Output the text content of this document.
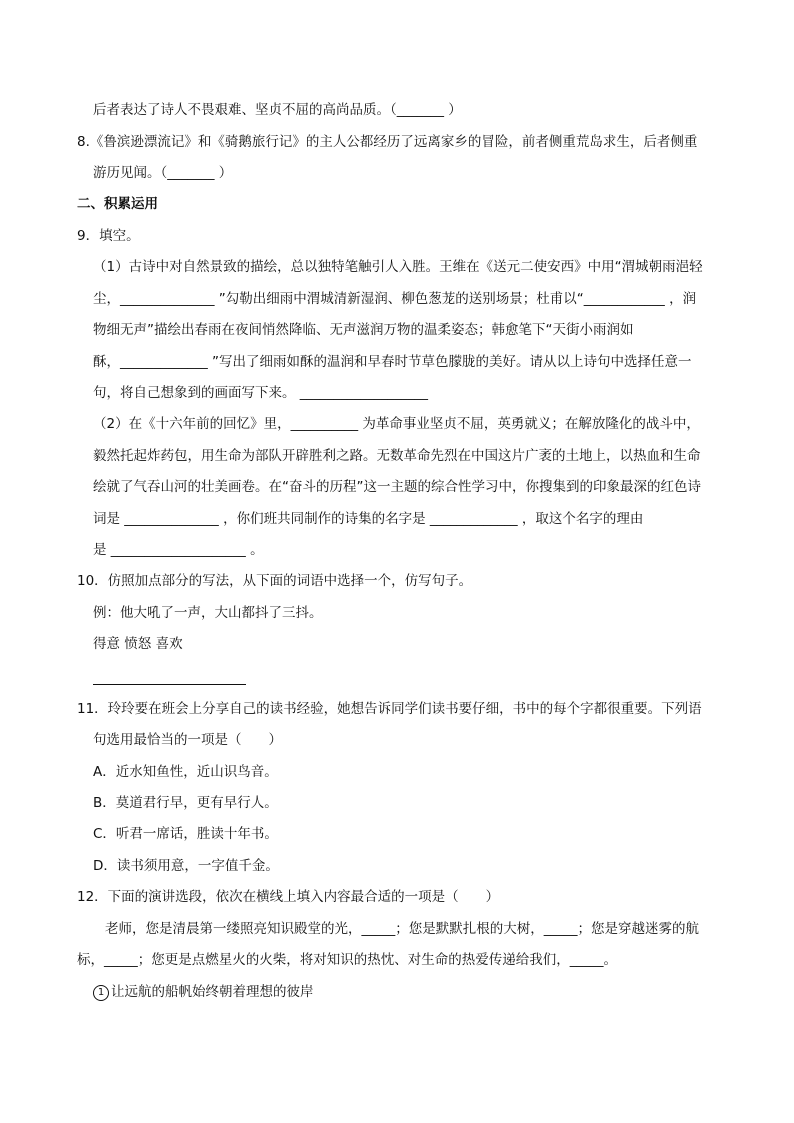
后者表达了诗人不畏艰难、坚贞不屈的高尚品质。（_______ ）
8.《鲁滨逊漂流记》和《骑鹅旅行记》的主人公都经历了远离家乡的冒险，前者侧重荒岛求生，后者侧重
游历见闻。（_______ ）
二、积累运用
9．填空。
（1）古诗中对自然景致的描绘，总以独特笔触引人入胜。王维在《送元二使安西》中用“渭城朝雨浥轻
尘，______________ ”勾勒出细雨中渭城清新湿润、柳色葱茏的送别场景；杜甫以“____________ ，润
物细无声”描绘出春雨在夜间悄然降临、无声滋润万物的温柔姿态；韩愈笔下“天街小雨润如
酥，_____________ ”写出了细雨如酥的温润和早春时节草色朦胧的美好。请从以上诗句中选择任意一
句，将自己想象到的画面写下来。 ___________________
（2）在《十六年前的回忆》里，__________ 为革命事业坚贞不屈，英勇就义；在解放隆化的战斗中，
毅然托起炸药包，用生命为部队开辟胜利之路。无数革命先烈在中国这片广袤的土地上，以热血和生命
绘就了气吞山河的壮美画卷。在“奋斗的历程”这一主题的综合性学习中，你搜集到的印象最深的红色诗
词是 ______________ ，你们班共同制作的诗集的名字是 _____________ ，取这个名字的理由
是 ____________________ 。
10．仿照加点部分的写法，从下面的词语中选择一个，仿写句子。
例：他大吼了一声，大山都抖了三抖。
得意 愤怒 喜欢
11．玲玲要在班会上分享自己的读书经验，她想告诉同学们读书要仔细，书中的每个字都很重要。下列语
句选用最恰当的一项是（　　）
A．近水知鱼性，近山识鸟音。
B．莫道君行早，更有早行人。
C．听君一席话，胜读十年书。
D．读书须用意，一字值千金。
12．下面的演讲选段，依次在横线上填入内容最合适的一项是（　　）
老师，您是清晨第一缕照亮知识殿堂的光，_____；您是默默扎根的大树，_____；您是穿越迷雾的航
标，_____；您更是点燃星火的火柴，将对知识的热忱、对生命的热爱传递给我们，_____。
1 让远航的船帆始终朝着理想的彼岸
